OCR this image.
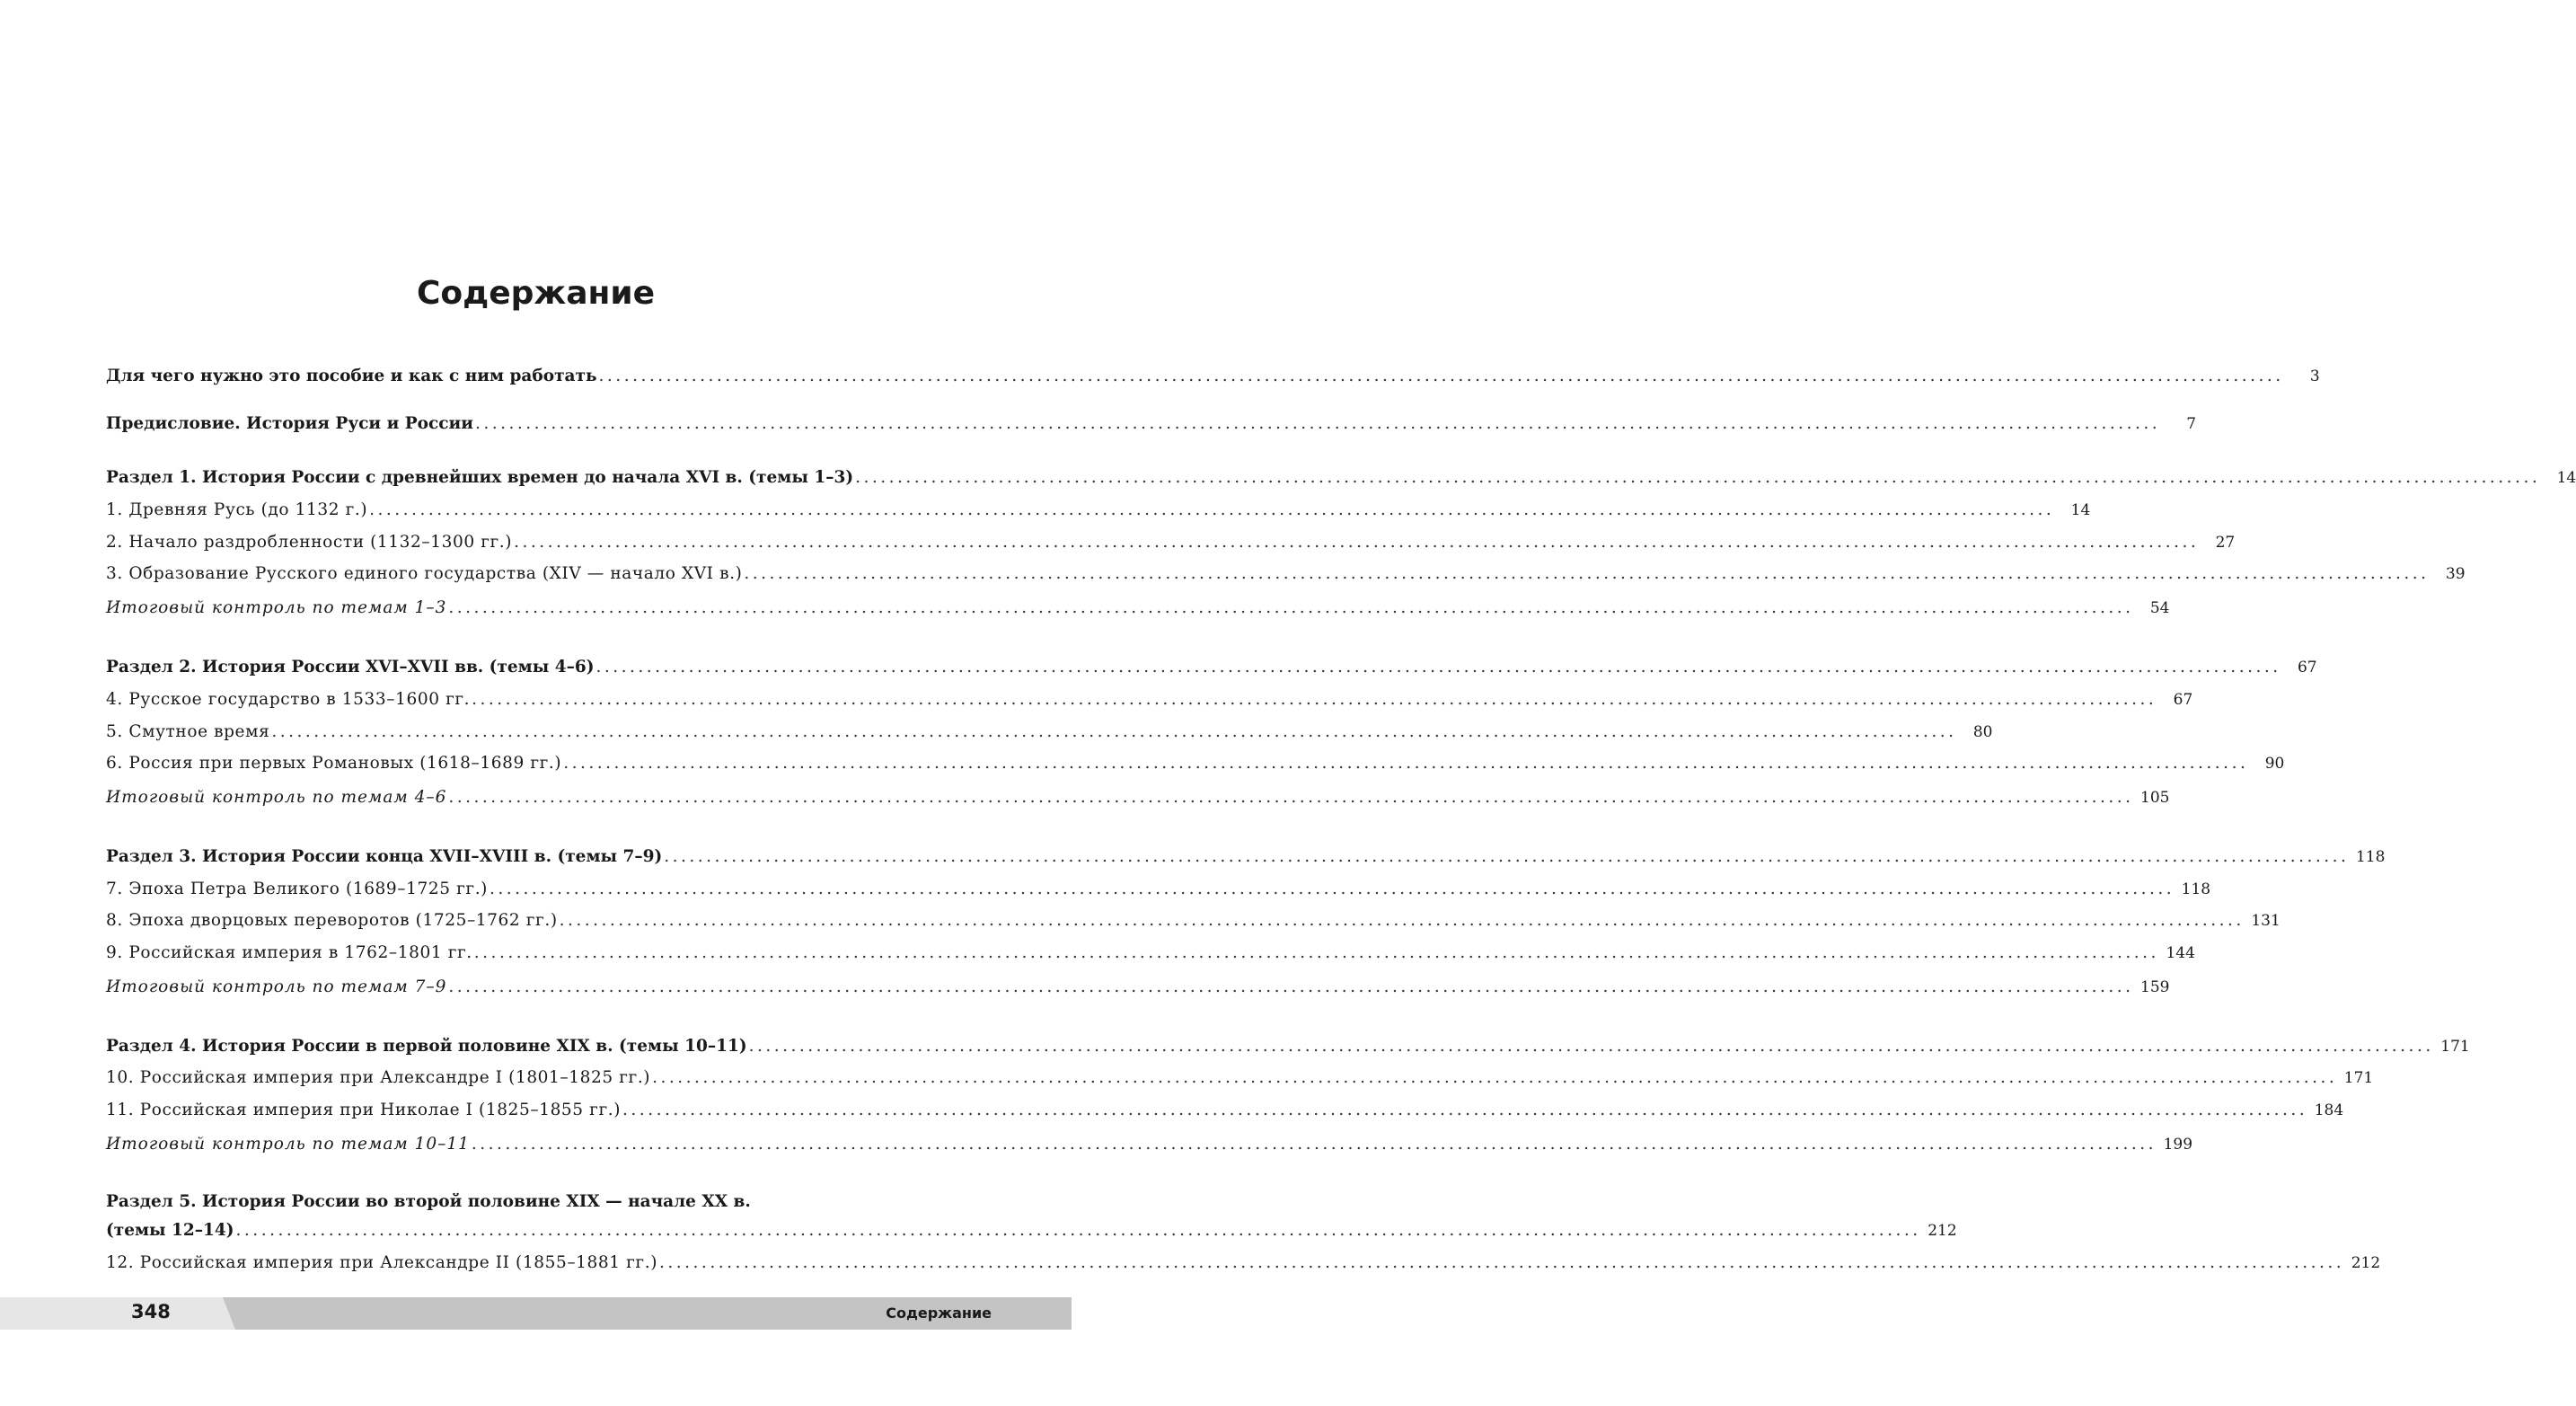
Содержание
Для чего нужно это пособие и как с ним работать ........................................................................................................................................................................................................	3
Предисловие. История Руси и России ........................................................................................................................................................................................................	7
Раздел 1. История России с древнейших времен до начала XVI в. (темы 1–3) ........................................................................................................................................................................................................	14
1. Древняя Русь (до 1132 г.) ........................................................................................................................................................................................................	14
2. Начало раздробленности (1132–1300 гг.) ........................................................................................................................................................................................................	27
3. Образование Русского единого государства (XIV — начало XVI в.) ........................................................................................................................................................................................................	39
Итоговый контроль по темам 1–3 ........................................................................................................................................................................................................	54
Раздел 2. История России XVI–XVII вв. (темы 4–6) ........................................................................................................................................................................................................	67
4. Русское государство в 1533–1600 гг. ........................................................................................................................................................................................................	67
5. Смутное время ........................................................................................................................................................................................................	80
6. Россия при первых Романовых (1618–1689 гг.) ........................................................................................................................................................................................................	90
Итоговый контроль по темам 4–6 ........................................................................................................................................................................................................ 105
Раздел 3. История России конца XVII–XVIII в. (темы 7–9) ........................................................................................................................................................................................................ 118
7. Эпоха Петра Великого (1689–1725 гг.) ........................................................................................................................................................................................................ 118
8. Эпоха дворцовых переворотов (1725–1762 гг.) ........................................................................................................................................................................................................ 131
9. Российская империя в 1762–1801 гг. ........................................................................................................................................................................................................ 144
Итоговый контроль по темам 7–9 ........................................................................................................................................................................................................ 159
Раздел 4. История России в первой половине XIX в. (темы 10–11) ........................................................................................................................................................................................................ 171
10. Российская империя при Александре I (1801–1825 гг.) ........................................................................................................................................................................................................ 171
11. Российская империя при Николае I (1825–1855 гг.) ........................................................................................................................................................................................................ 184
Итоговый контроль по темам 10–11 ........................................................................................................................................................................................................ 199
Раздел 5. История России во второй половине XIX — начале XX в.
(темы 12–14) ........................................................................................................................................................................................................ 212
12. Российская империя при Александре II (1855–1881 гг.) ........................................................................................................................................................................................................ 212
348	Содержание
